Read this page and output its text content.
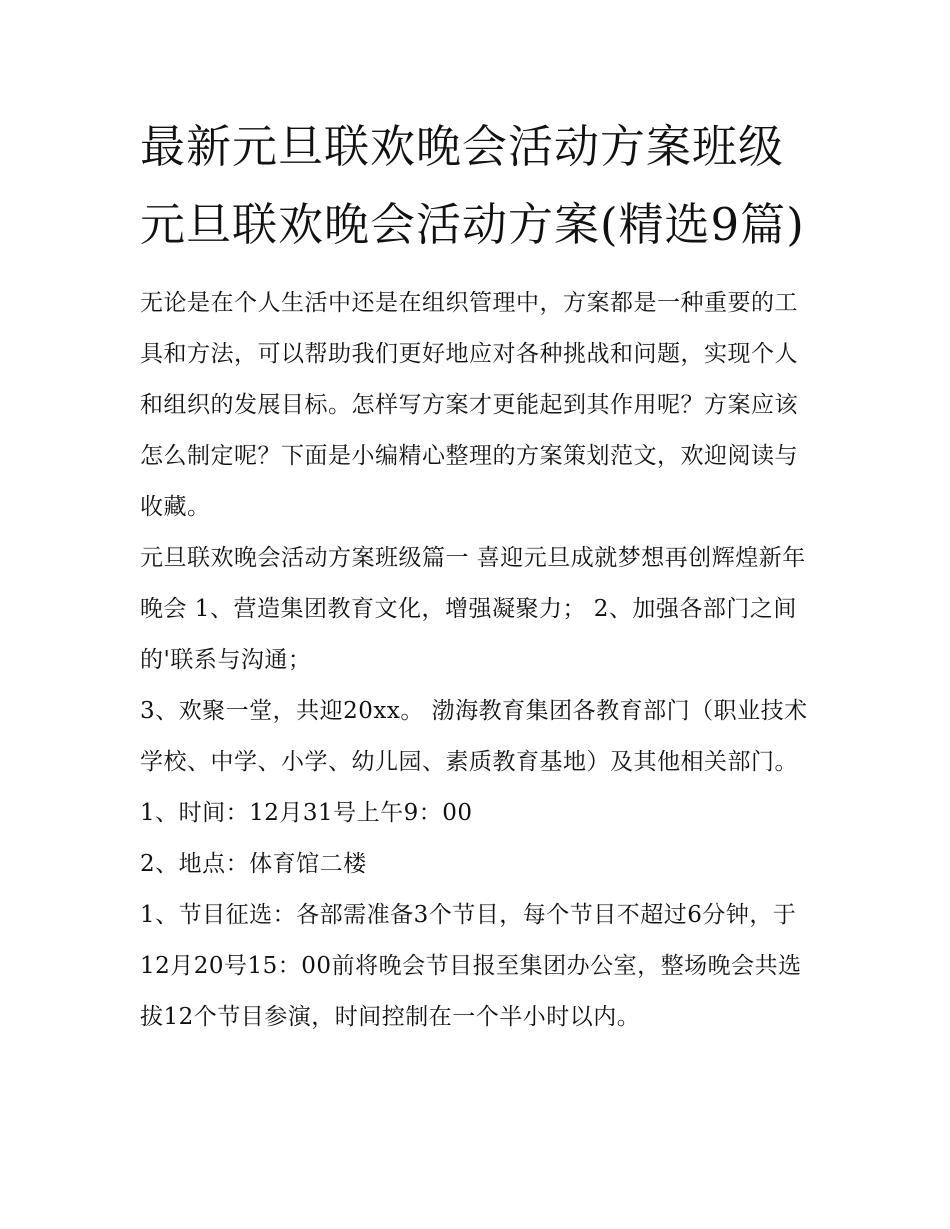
最新元旦联欢晚会活动方案班级 元旦联欢晚会活动方案(精选9篇)

无论是在个人生活中还是在组织管理中，方案都是一种重要的工具和方法，可以帮助我们更好地应对各种挑战和问题，实现个人和组织的发展目标。怎样写方案才更能起到其作用呢？方案应该怎么制定呢？下面是小编精心整理的方案策划范文，欢迎阅读与收藏。

元旦联欢晚会活动方案班级篇一 喜迎元旦成就梦想再创辉煌新年晚会 1、营造集团教育文化，增强凝聚力； 2、加强各部门之间的'联系与沟通；

3、欢聚一堂，共迎20xx。 渤海教育集团各教育部门（职业技术学校、中学、小学、幼儿园、素质教育基地）及其他相关部门。 1、时间：12月31号上午9：00

2、地点：体育馆二楼

1、节目征选：各部需准备3个节目，每个节目不超过6分钟，于12月20号15：00前将晚会节目报至集团办公室，整场晚会共选拔12个节目参演，时间控制在一个半小时以内。
